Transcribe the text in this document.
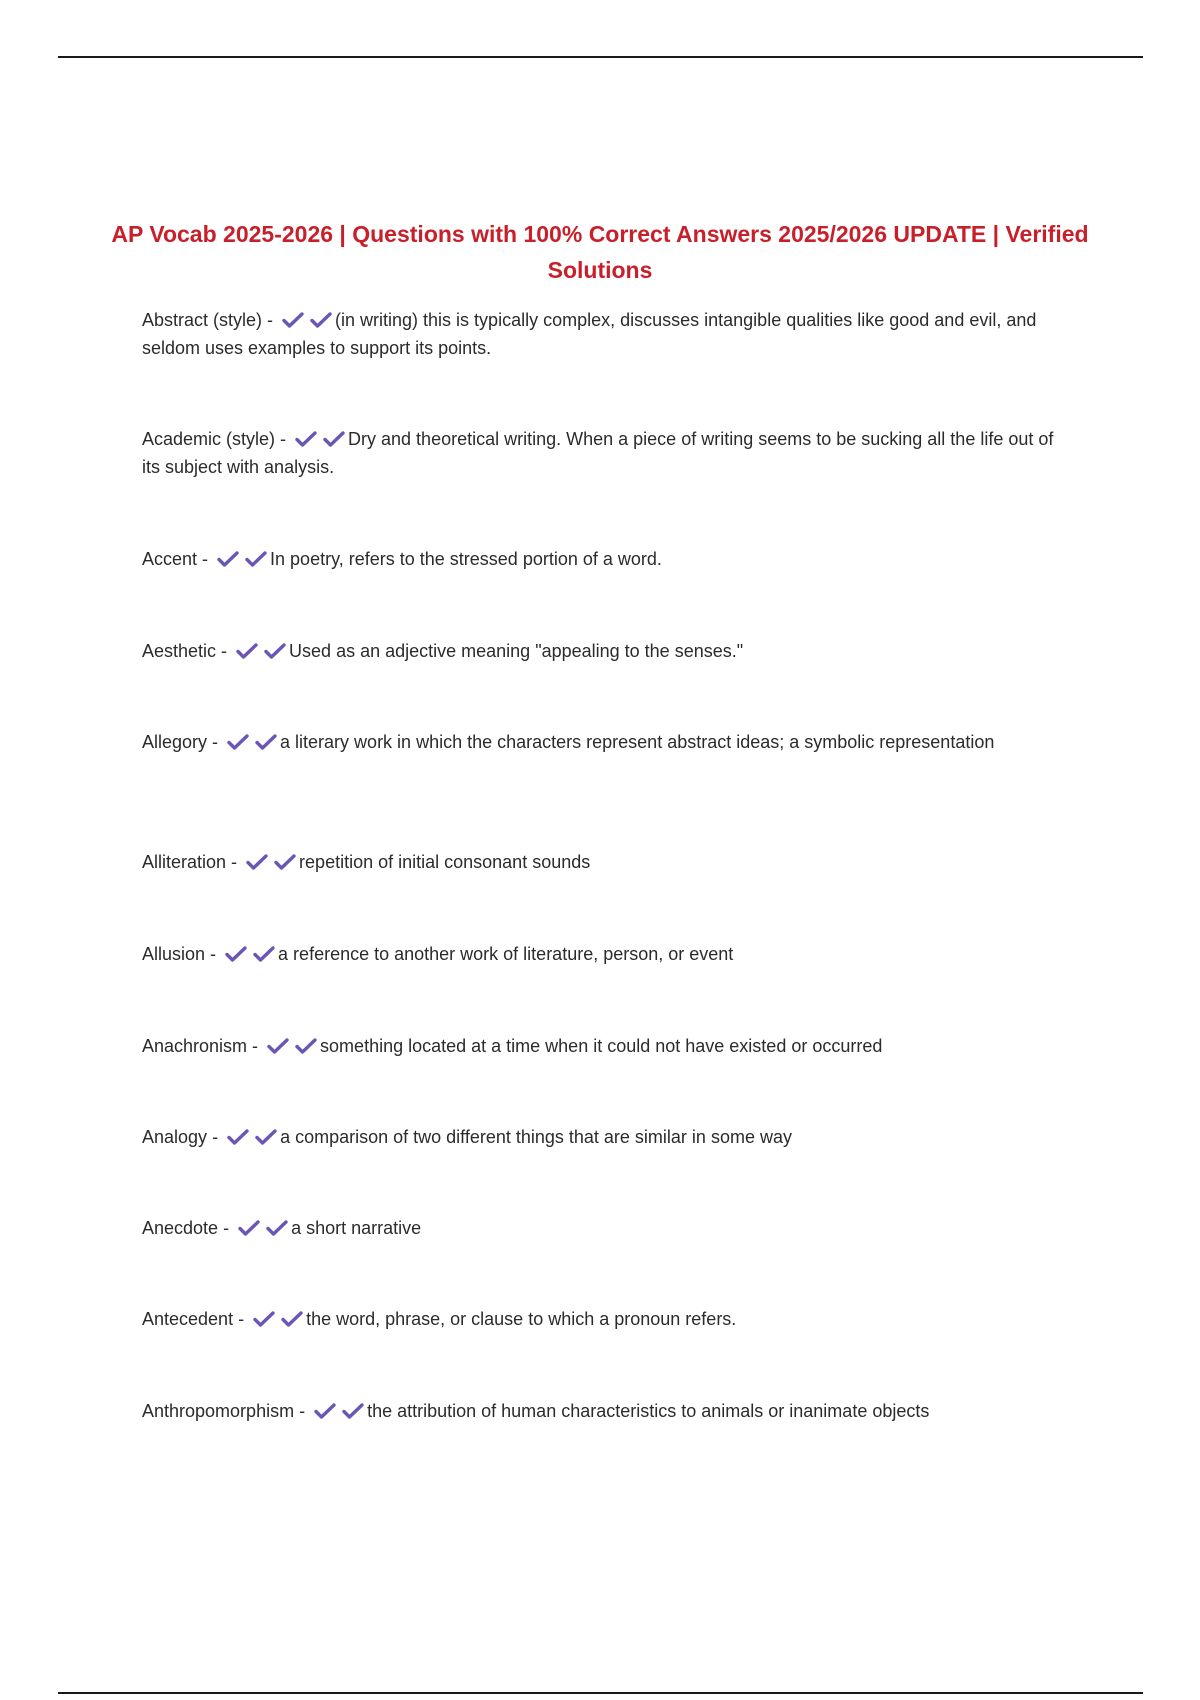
AP Vocab 2025-2026 | Questions with 100% Correct Answers 2025/2026 UPDATE | Verified Solutions
Abstract (style) -	(in writing) this is typically complex, discusses intangible qualities like good and evil, and seldom uses examples to support its points.
Academic (style) -	Dry and theoretical writing. When a piece of writing seems to be sucking all the life out of its subject with analysis.
Accent -	In poetry, refers to the stressed portion of a word.
Aesthetic -	Used as an adjective meaning "appealing to the senses."
Allegory -	a literary work in which the characters represent abstract ideas; a symbolic representation
Alliteration -	repetition of initial consonant sounds
Allusion -	a reference to another work of literature, person, or event
Anachronism -	something located at a time when it could not have existed or occurred
Analogy -	a comparison of two different things that are similar in some way
Anecdote -	a short narrative
Antecedent -	the word, phrase, or clause to which a pronoun refers.
Anthropomorphism -	the attribution of human characteristics to animals or inanimate objects
